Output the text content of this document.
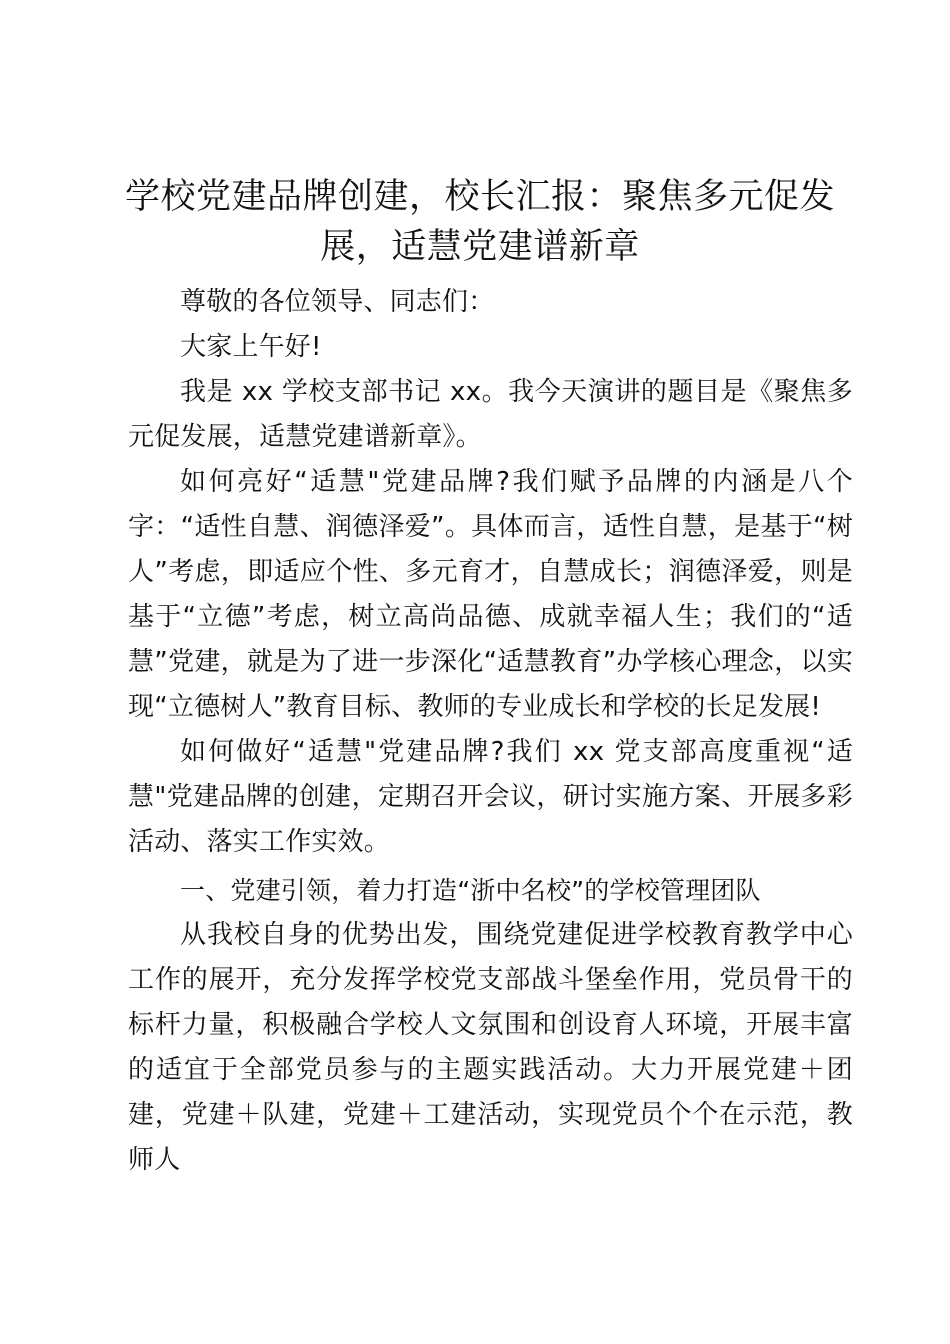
学校党建品牌创建，校长汇报：聚焦多元促发展，适慧党建谱新章

尊敬的各位领导、同志们：

大家上午好!

我是 xx 学校支部书记 xx。我今天演讲的题目是《聚焦多元促发展，适慧党建谱新章》。

如何亮好“适慧"党建品牌?我们赋予品牌的内涵是八个字：“适性自慧、润德泽爱”。具体而言，适性自慧，是基于“树人”考虑，即适应个性、多元育才，自慧成长；润德泽爱，则是基于“立德”考虑，树立高尚品德、成就幸福人生；我们的“适慧”党建，就是为了进一步深化“适慧教育”办学核心理念，以实现“立德树人”教育目标、教师的专业成长和学校的长足发展!

如何做好“适慧"党建品牌?我们 xx 党支部高度重视“适慧"党建品牌的创建，定期召开会议，研讨实施方案、开展多彩活动、落实工作实效。

一、党建引领，着力打造“浙中名校”的学校管理团队

从我校自身的优势出发，围绕党建促进学校教育教学中心工作的展开，充分发挥学校党支部战斗堡垒作用，党员骨干的标杆力量，积极融合学校人文氛围和创设育人环境，开展丰富的适宜于全部党员参与的主题实践活动。大力开展党建＋团建，党建＋队建，党建＋工建活动，实现党员个个在示范，教师人
